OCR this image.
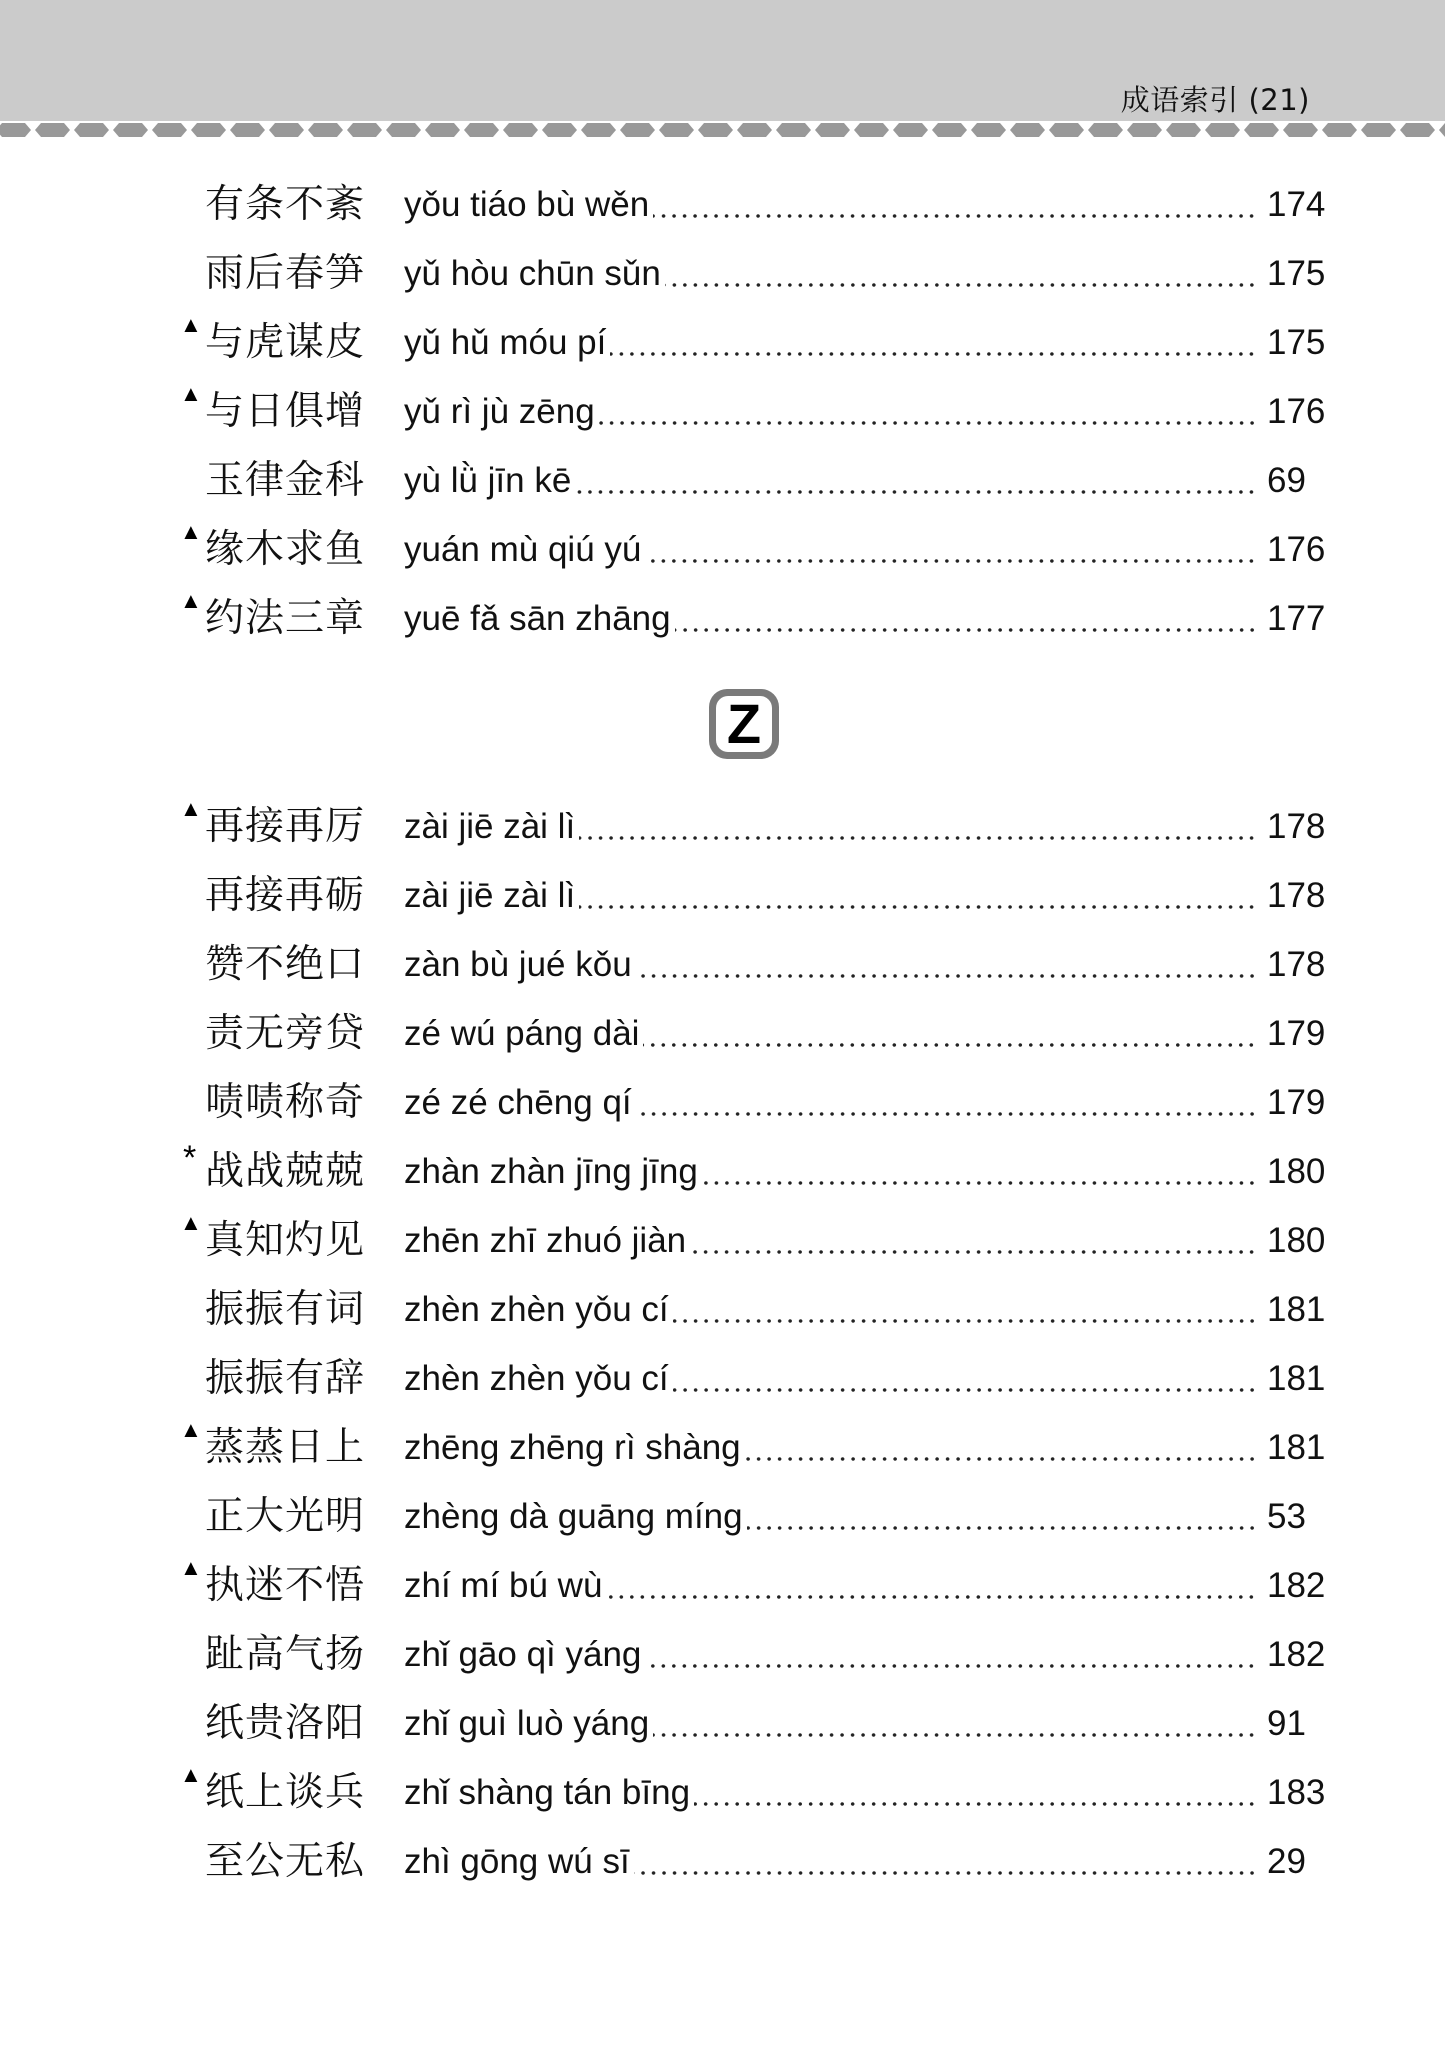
成语索引 (21)
有条不紊 yǒu tiáo bù wěn	174
雨后春笋 yǔ hòu chūn sǔn	175
▲ 与虎谋皮 yǔ hǔ móu pí	175
▲ 与日俱增 yǔ rì jù zēng	176
玉律金科 yù lǜ jīn kē	69
▲ 缘木求鱼 yuán mù qiú yú	176
▲ 约法三章 yuē fǎ sān zhāng	177
Z
▲ 再接再厉 zài jiē zài lì	178
再接再砺 zài jiē zài lì	178
赞不绝口 zàn bù jué kǒu	178
责无旁贷 zé wú páng dài	179
啧啧称奇 zé zé chēng qí	179
* 战战兢兢 zhàn zhàn jīng jīng	180
▲ 真知灼见 zhēn zhī zhuó jiàn	180
振振有词 zhèn zhèn yǒu cí	181
振振有辞 zhèn zhèn yǒu cí	181
▲ 蒸蒸日上 zhēng zhēng rì shàng	181
正大光明 zhèng dà guāng míng	53
▲ 执迷不悟 zhí mí bú wù	182
趾高气扬 zhǐ gāo qì yáng	182
纸贵洛阳 zhǐ guì luò yáng	91
▲ 纸上谈兵 zhǐ shàng tán bīng	183
至公无私 zhì gōng wú sī	29
